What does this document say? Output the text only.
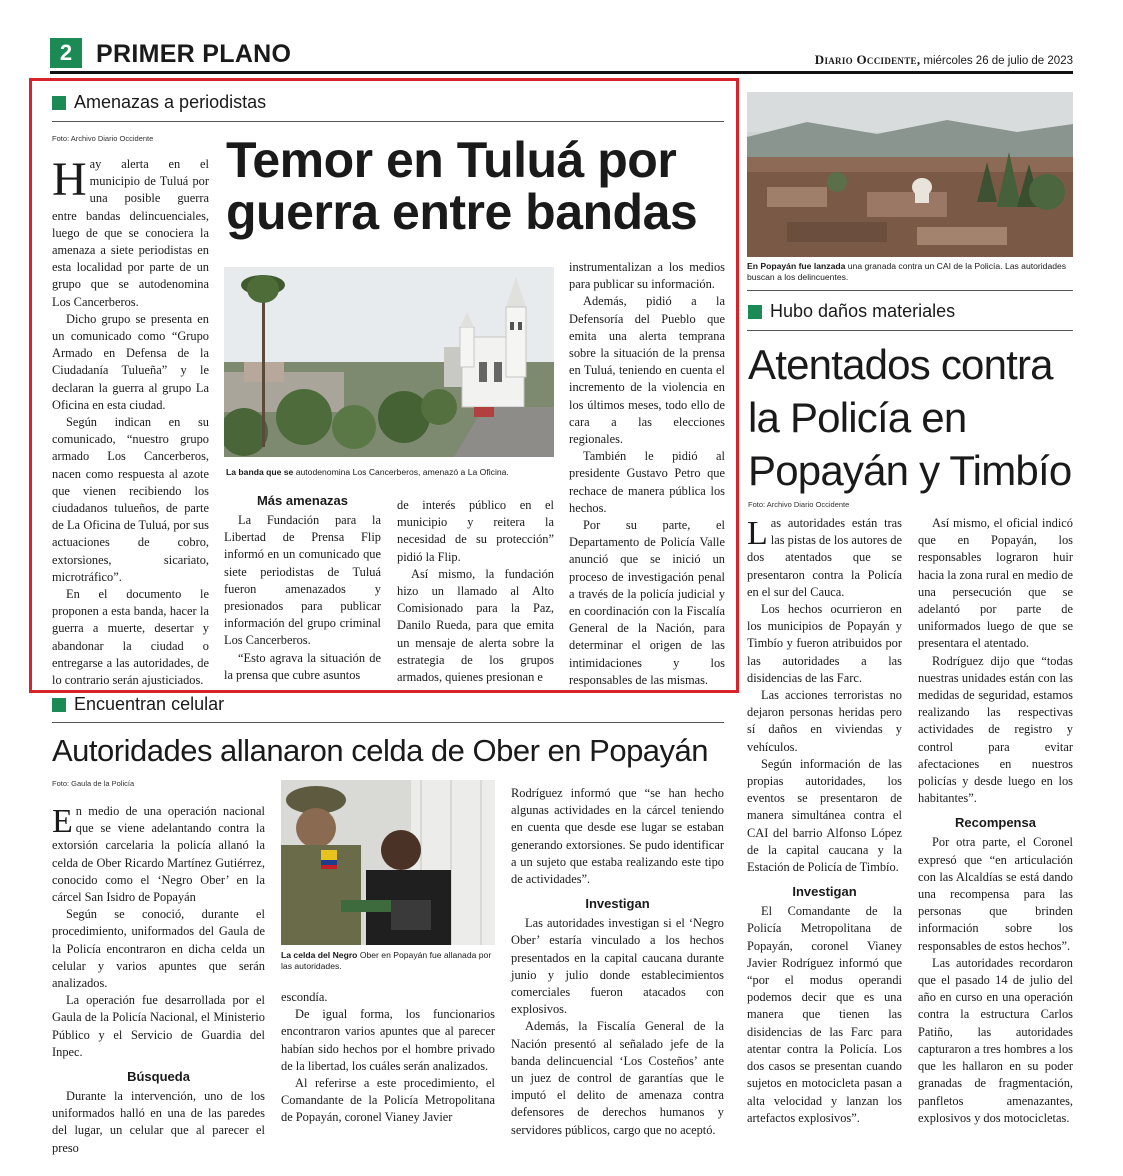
2 PRIMER PLANO	Diario Occidente, miércoles 26 de julio de 2023
Amenazas a periodistas
Foto: Archivo Diario Occidente

Hay alerta en el municipio de Tuluá por una posible guerra entre bandas delincuenciales, luego de que se conociera la amenaza a siete periodistas en esta localidad por parte de un grupo que se autodenomina Los Cancerberos.

Dicho grupo se presenta en un comunicado como “Grupo Armado en Defensa de la Ciudadanía Tulueña” y le declaran la guerra al grupo La Oficina en esta ciudad.

Según indican en su comunicado, “nuestro grupo armado Los Cancerberos, nacen como respuesta al azote que vienen recibiendo los ciudadanos tulueños, de parte de La Oficina de Tuluá, por sus actuaciones de cobro, extorsiones, sicariato, microtráfico”.

En el documento le proponen a esta banda, hacer la guerra a muerte, desertar y abandonar la ciudad o entregarse a las autoridades, de lo contrario serán ajusticiados.

Temor en Tuluá por
guerra entre bandas
La banda que se autodenomina Los Cancerberos, amenazó a La Oficina.
Más amenazas

La Fundación para la Libertad de Prensa Flip informó en un comunicado que siete periodistas de Tuluá fueron amenazados y presionados para publicar información del grupo criminal Los Cancerberos.

“Esto agrava la situación de la prensa que cubre asuntos

de interés público en el municipio y reitera la necesidad de su protección” pidió la Flip.

Así mismo, la fundación hizo un llamado al Alto Comisionado para la Paz, Danilo Rueda, para que emita un mensaje de alerta sobre la estrategia de los grupos armados, quienes presionan e

instrumentalizan a los medios para publicar su información.

Además, pidió a la Defensoría del Pueblo que emita una alerta temprana sobre la situación de la prensa en Tuluá, teniendo en cuenta el incremento de la violencia en los últimos meses, todo ello de cara a las elecciones regionales.

También le pidió al presidente Gustavo Petro que rechace de manera pública los hechos.

Por su parte, el Departamento de Policía Valle anunció que se inició un proceso de investigación penal a través de la policía judicial y en coordinación con la Fiscalía General de la Nación, para determinar el origen de las intimidaciones y los responsables de las mismas.

En Popayán fue lanzada una granada contra un CAI de la Policía. Las autoridades buscan a los delincuentes.
Hubo daños materiales
Atentados contra
la Policía en
Popayán y Timbío
Foto: Archivo Diario Occidente

Las autoridades están tras las pistas de los autores de dos atentados que se presentaron contra la Policía en el sur del Cauca.

Los hechos ocurrieron en los municipios de Popayán y Timbío y fueron atribuidos por las autoridades a las disidencias de las Farc.

Las acciones terroristas no dejaron personas heridas pero sí daños en viviendas y vehículos.

Según información de las propias autoridades, los eventos se presentaron de manera simultánea contra el CAI del barrio Alfonso López de la capital caucana y la Estación de Policía de Timbío.

Investigan

El Comandante de la Policía Metropolitana de Popayán, coronel Vianey Javier Rodríguez informó que “por el modus operandi podemos decir que es una manera que tienen las disidencias de las Farc para atentar contra la Policía. Los dos casos se presentan cuando sujetos en motocicleta pasan a alta velocidad y lanzan los artefactos explosivos”.

Así mismo, el oficial indicó que en Popayán, los responsables lograron huir hacia la zona rural en medio de una persecución que se adelantó por parte de uniformados luego de que se presentara el atentado.

Rodríguez dijo que “todas nuestras unidades están con las medidas de seguridad, estamos realizando las respectivas actividades de registro y control para evitar afectaciones en nuestros policías y desde luego en los habitantes”.

Recompensa

Por otra parte, el Coronel expresó que “en articulación con las Alcaldías se está dando una recompensa para las personas que brinden información sobre los responsables de estos hechos”.

Las autoridades recordaron que el pasado 14 de julio del año en curso en una operación contra la estructura Carlos Patiño, las autoridades capturaron a tres hombres a los que les hallaron en su poder granadas de fragmentación, panfletos amenazantes, explosivos y dos motocicletas.

Encuentran celular
Autoridades allanaron celda de Ober en Popayán
Foto: Gaula de la Policía

En medio de una operación nacional que se viene adelantando contra la extorsión carcelaria la policía allanó la celda de Ober Ricardo Martínez Gutiérrez, conocido como el ‘Negro Ober’ en la cárcel San Isidro de Popayán

Según se conoció, durante el procedimiento, uniformados del Gaula de la Policía encontraron en dicha celda un celular y varios apuntes que serán analizados.

La operación fue desarrollada por el Gaula de la Policía Nacional, el Ministerio Público y el Servicio de Guardia del Inpec.

Búsqueda

Durante la intervención, uno de los uniformados halló en una de las paredes del lugar, un celular que al parecer el preso

La celda del Negro Ober en Popayán fue allanada por las autoridades.

escondía.

De igual forma, los funcionarios encontraron varios apuntes que al parecer habían sido hechos por el hombre privado de la libertad, los cuáles serán analizados.

Al referirse a este procedimiento, el Comandante de la Policía Metropolitana de Popayán, coronel Vianey Javier

Rodríguez informó que “se han hecho algunas actividades en la cárcel teniendo en cuenta que desde ese lugar se estaban generando extorsiones. Se pudo identificar a un sujeto que estaba realizando este tipo de actividades”.

Investigan

Las autoridades investigan si el ‘Negro Ober’ estaría vinculado a los hechos presentados en la capital caucana durante junio y julio donde establecimientos comerciales fueron atacados con explosivos.

Además, la Fiscalía General de la Nación presentó al señalado jefe de la banda delincuencial ‘Los Costeños’ ante un juez de control de garantías que le imputó el delito de amenaza contra defensores de derechos humanos y servidores públicos, cargo que no aceptó.
